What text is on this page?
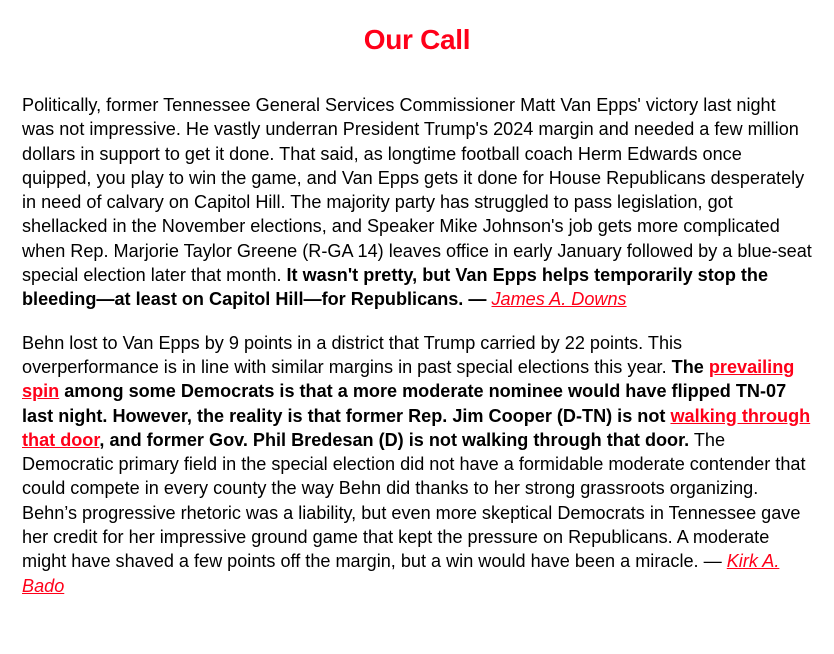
Our Call

Politically, former Tennessee General Services Commissioner Matt Van Epps' victory last night was not impressive. He vastly underran President Trump's 2024 margin and needed a few million dollars in support to get it done. That said, as longtime football coach Herm Edwards once quipped, you play to win the game, and Van Epps gets it done for House Republicans desperately in need of calvary on Capitol Hill. The majority party has struggled to pass legislation, got shellacked in the November elections, and Speaker Mike Johnson's job gets more complicated when Rep. Marjorie Taylor Greene (R-GA 14) leaves office in early January followed by a blue-seat special election later that month. It wasn't pretty, but Van Epps helps temporarily stop the bleeding—at least on Capitol Hill—for Republicans. — James A. Downs

Behn lost to Van Epps by 9 points in a district that Trump carried by 22 points. This overperformance is in line with similar margins in past special elections this year. The prevailing spin among some Democrats is that a more moderate nominee would have flipped TN-07 last night. However, the reality is that former Rep. Jim Cooper (D-TN) is not walking through that door, and former Gov. Phil Bredesan (D) is not walking through that door. The Democratic primary field in the special election did not have a formidable moderate contender that could compete in every county the way Behn did thanks to her strong grassroots organizing. Behn’s progressive rhetoric was a liability, but even more skeptical Democrats in Tennessee gave her credit for her impressive ground game that kept the pressure on Republicans. A moderate might have shaved a few points off the margin, but a win would have been a miracle. — Kirk A. Bado
